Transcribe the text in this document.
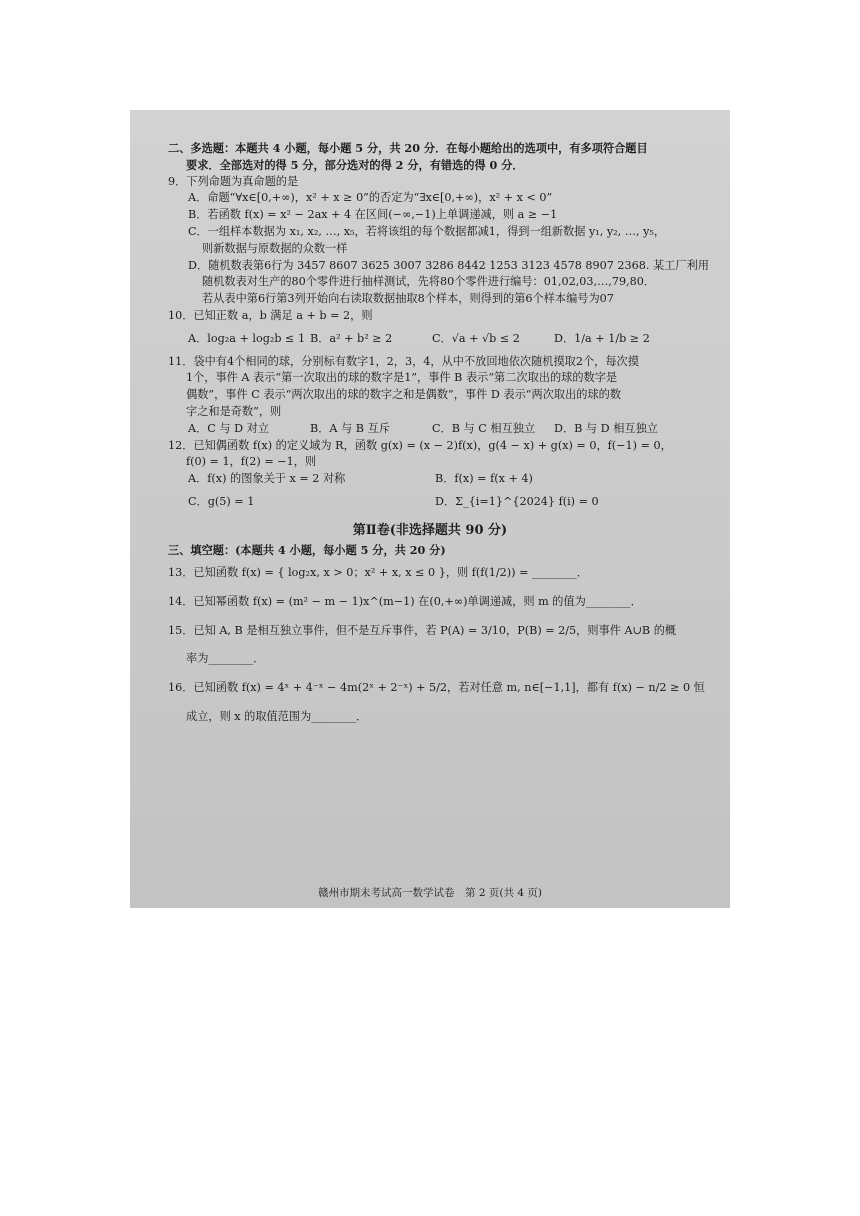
二、多选题：本题共 4 小题，每小题 5 分，共 20 分．在每小题给出的选项中，有多项符合题目
要求．全部选对的得 5 分，部分选对的得 2 分，有错选的得 0 分．
9．下列命题为真命题的是
A．命题“∀x∈[0,+∞)，x² + x ≥ 0”的否定为“∃x∈[0,+∞)，x² + x < 0”
B．若函数 f(x) = x² − 2ax + 4 在区间(−∞,−1)上单调递减，则 a ≥ −1
C．一组样本数据为 x₁, x₂, …, x₅，若将该组的每个数据都减1，得到一组新数据 y₁, y₂, …, y₅，
则新数据与原数据的众数一样
D．随机数表第6行为 3457 8607 3625 3007 3286 8442 1253 3123 4578 8907 2368. 某工厂利用
随机数表对生产的80个零件进行抽样测试，先将80个零件进行编号：01,02,03,…,79,80．
若从表中第6行第3列开始向右读取数据抽取8个样本，则得到的第6个样本编号为07
10．已知正数 a，b 满足 a + b = 2，则
A．log₂a + log₂b ≤ 1 B．a² + b² ≥ 2	C．√a + √b ≤ 2	D．1/a + 1/b ≥ 2
11．袋中有4个相同的球，分别标有数字1，2，3，4，从中不放回地依次随机摸取2个，每次摸
1个，事件 A 表示“第一次取出的球的数字是1”，事件 B 表示“第二次取出的球的数字是
偶数”，事件 C 表示“两次取出的球的数字之和是偶数”，事件 D 表示“两次取出的球的数
字之和是奇数”，则
A．C 与 D 对立	B．A 与 B 互斥	C．B 与 C 相互独立	D．B 与 D 相互独立
12．已知偶函数 f(x) 的定义域为 R，函数 g(x) = (x − 2)f(x)，g(4 − x) + g(x) = 0，f(−1) = 0，
f(0) = 1，f(2) = −1，则
A．f(x) 的图象关于 x = 2 对称	B．f(x) = f(x + 4)
C．g(5) = 1	D．Σ_{i=1}^{2024} f(i) = 0
第Ⅱ卷(非选择题共 90 分)
三、填空题：(本题共 4 小题，每小题 5 分，共 20 分)
13．已知函数 f(x) = { log₂x, x > 0；x² + x, x ≤ 0 }，则 f(f(1/2)) = ________．
14．已知幂函数 f(x) = (m² − m − 1)x^(m−1) 在(0,+∞)单调递减，则 m 的值为________．
15．已知 A, B 是相互独立事件，但不是互斥事件，若 P(A) = 3/10，P(B) = 2/5，则事件 A∪B 的概
率为________．
16．已知函数 f(x) = 4ˣ + 4⁻ˣ − 4m(2ˣ + 2⁻ˣ) + 5/2，若对任意 m, n∈[−1,1]，都有 f(x) − n/2 ≥ 0 恒
成立，则 x 的取值范围为________．
赣州市期末考试高一数学试卷　第 2 页(共 4 页)
